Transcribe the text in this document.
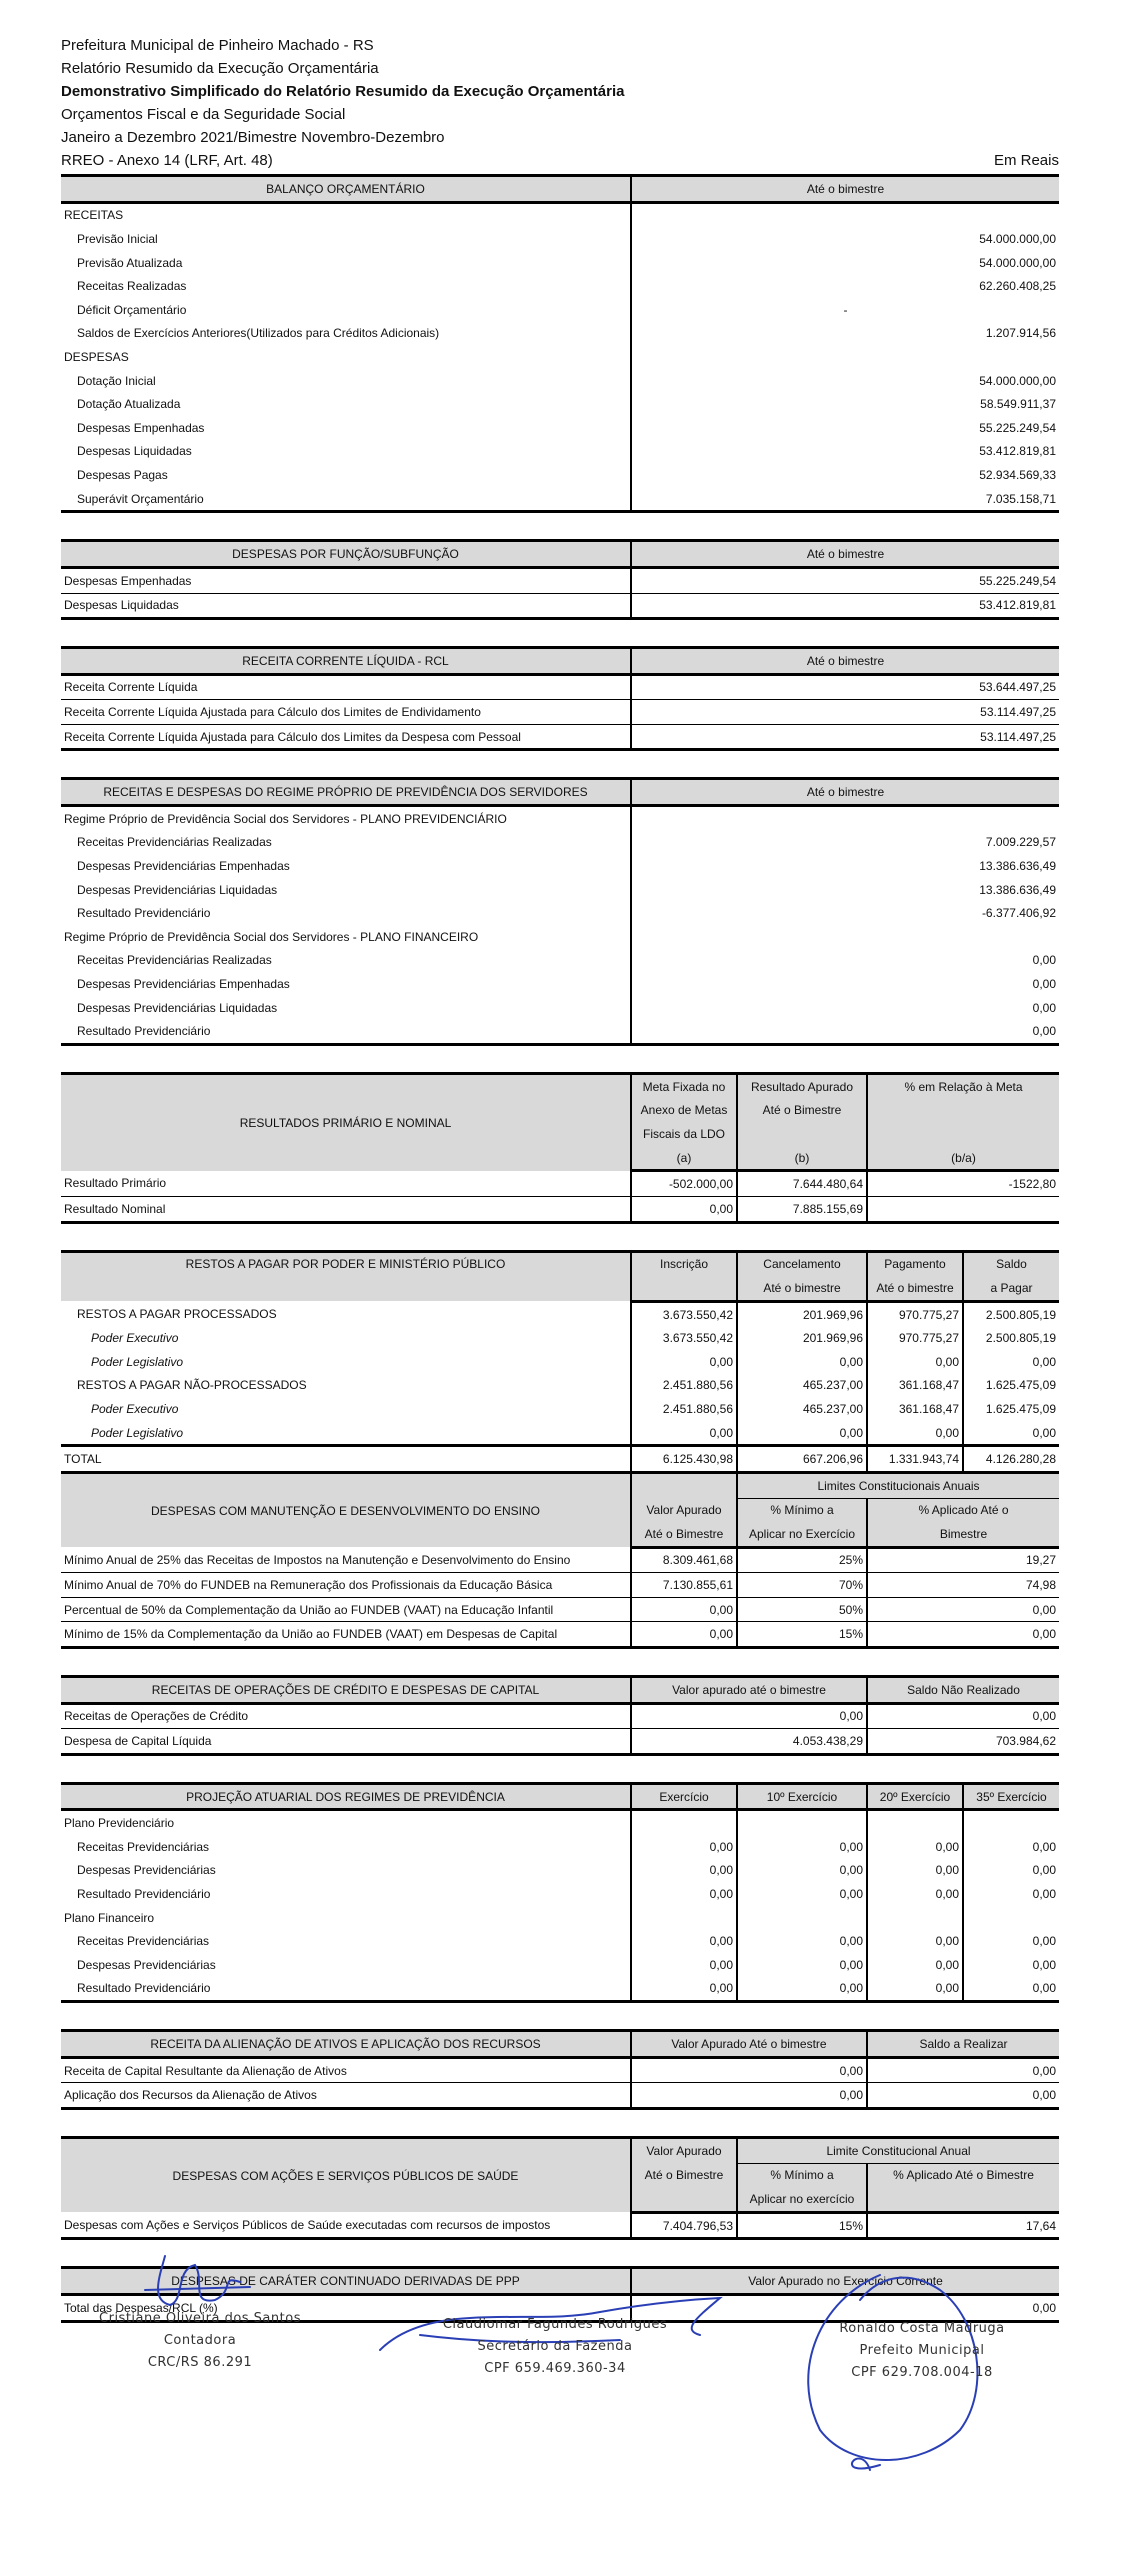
Prefeitura Municipal de Pinheiro Machado - RS
Relatório Resumido da Execução Orçamentária
Demonstrativo Simplificado do Relatório Resumido da Execução Orçamentária
Orçamentos Fiscal e da Seguridade Social
Janeiro a Dezembro 2021/Bimestre Novembro-Dezembro
RREO - Anexo 14 (LRF, Art. 48)	Em Reais
BALANÇO ORÇAMENTÁRIO	Até o bimestre
RECEITAS	
Previsão Inicial	54.000.000,00
Previsão Atualizada	54.000.000,00
Receitas Realizadas	62.260.408,25
Déficit Orçamentário	-
Saldos de Exercícios Anteriores(Utilizados para Créditos Adicionais)	1.207.914,56
DESPESAS	
Dotação Inicial	54.000.000,00
Dotação Atualizada	58.549.911,37
Despesas Empenhadas	55.225.249,54
Despesas Liquidadas	53.412.819,81
Despesas Pagas	52.934.569,33
Superávit Orçamentário	7.035.158,71
DESPESAS POR FUNÇÃO/SUBFUNÇÃO	Até o bimestre
Despesas Empenhadas	55.225.249,54
Despesas Liquidadas	53.412.819,81
RECEITA CORRENTE LÍQUIDA - RCL	Até o bimestre
Receita Corrente Líquida	53.644.497,25
Receita Corrente Líquida Ajustada para Cálculo dos Limites de Endividamento	53.114.497,25
Receita Corrente Líquida Ajustada para Cálculo dos Limites da Despesa com Pessoal	53.114.497,25
RECEITAS E DESPESAS DO REGIME PRÓPRIO DE PREVIDÊNCIA DOS SERVIDORES	Até o bimestre
Regime Próprio de Previdência Social dos Servidores - PLANO PREVIDENCIÁRIO	
Receitas Previdenciárias Realizadas	7.009.229,57
Despesas Previdenciárias Empenhadas	13.386.636,49
Despesas Previdenciárias Liquidadas	13.386.636,49
Resultado Previdenciário	-6.377.406,92
Regime Próprio de Previdência Social dos Servidores - PLANO FINANCEIRO	
Receitas Previdenciárias Realizadas	0,00
Despesas Previdenciárias Empenhadas	0,00
Despesas Previdenciárias Liquidadas	0,00
Resultado Previdenciário	0,00
RESULTADOS PRIMÁRIO E NOMINAL	Meta Fixada no	Resultado Apurado	% em Relação à Meta
	Anexo de Metas	Até o Bimestre	
	Fiscais da LDO		
	(a)	(b)	(b/a)
Resultado Primário	-502.000,00	7.644.480,64	-1522,80
Resultado Nominal	0,00	7.885.155,69	
RESTOS A PAGAR POR PODER E MINISTÉRIO PÚBLICO	Inscrição	Cancelamento	Pagamento	Saldo
		Até o bimestre	Até o bimestre	a Pagar
RESTOS A PAGAR PROCESSADOS	3.673.550,42	201.969,96	970.775,27	2.500.805,19
Poder Executivo	3.673.550,42	201.969,96	970.775,27	2.500.805,19
Poder Legislativo	0,00	0,00	0,00	0,00
RESTOS A PAGAR NÃO-PROCESSADOS	2.451.880,56	465.237,00	361.168,47	1.625.475,09
Poder Executivo	2.451.880,56	465.237,00	361.168,47	1.625.475,09
Poder Legislativo	0,00	0,00	0,00	0,00
TOTAL	6.125.430,98	667.206,96	1.331.943,74	4.126.280,28
DESPESAS COM MANUTENÇÃO E DESENVOLVIMENTO DO ENSINO		Limites Constitucionais Anuais	
	Valor Apurado	% Mínimo a	% Aplicado Até o
	Até o Bimestre	Aplicar no Exercício	Bimestre
Mínimo Anual de 25% das Receitas de Impostos na Manutenção e Desenvolvimento do Ensino	8.309.461,68	25%	19,27
Mínimo Anual de 70% do FUNDEB na Remuneração dos Profissionais da Educação Básica	7.130.855,61	70%	74,98
Percentual de 50% da Complementação da União ao FUNDEB (VAAT) na Educação Infantil	0,00	50%	0,00
Mínimo de 15% da Complementação da União ao FUNDEB (VAAT) em Despesas de Capital	0,00	15%	0,00
RECEITAS DE OPERAÇÕES DE CRÉDITO E DESPESAS DE CAPITAL	Valor apurado até o bimestre	Saldo Não Realizado
Receitas de Operações de Crédito	0,00	0,00
Despesa de Capital Líquida	4.053.438,29	703.984,62
PROJEÇÃO ATUARIAL DOS REGIMES DE PREVIDÊNCIA	Exercício	10º Exercício	20º Exercício	35º Exercício
Plano Previdenciário				
Receitas Previdenciárias	0,00	0,00	0,00	0,00
Despesas Previdenciárias	0,00	0,00	0,00	0,00
Resultado Previdenciário	0,00	0,00	0,00	0,00
Plano Financeiro				
Receitas Previdenciárias	0,00	0,00	0,00	0,00
Despesas Previdenciárias	0,00	0,00	0,00	0,00
Resultado Previdenciário	0,00	0,00	0,00	0,00
RECEITA DA ALIENAÇÃO DE ATIVOS E APLICAÇÃO DOS RECURSOS	Valor Apurado Até o bimestre	Saldo a Realizar
Receita de Capital Resultante da Alienação de Ativos	0,00	0,00
Aplicação dos Recursos da Alienação de Ativos	0,00	0,00
DESPESAS COM AÇÕES E SERVIÇOS PÚBLICOS DE SAÚDE	Valor Apurado	Limite Constitucional Anual	
	Até o Bimestre	% Mínimo a	% Aplicado Até o Bimestre
		Aplicar no exercício	
Despesas com Ações e Serviços Públicos de Saúde executadas com recursos de impostos	7.404.796,53	15%	17,64
DESPESAS DE CARÁTER CONTINUADO DERIVADAS DE PPP	Valor Apurado no Exercício Corrente
Total das Despesas/RCL (%)	0,00
Cristiane Oliveira dos Santos
Contadora
CRC/RS 86.291
Claudiomar Fagundes Rodrigues
Secretário da Fazenda
CPF 659.469.360-34
Ronaldo Costa Madruga
Prefeito Municipal
CPF 629.708.004-18
